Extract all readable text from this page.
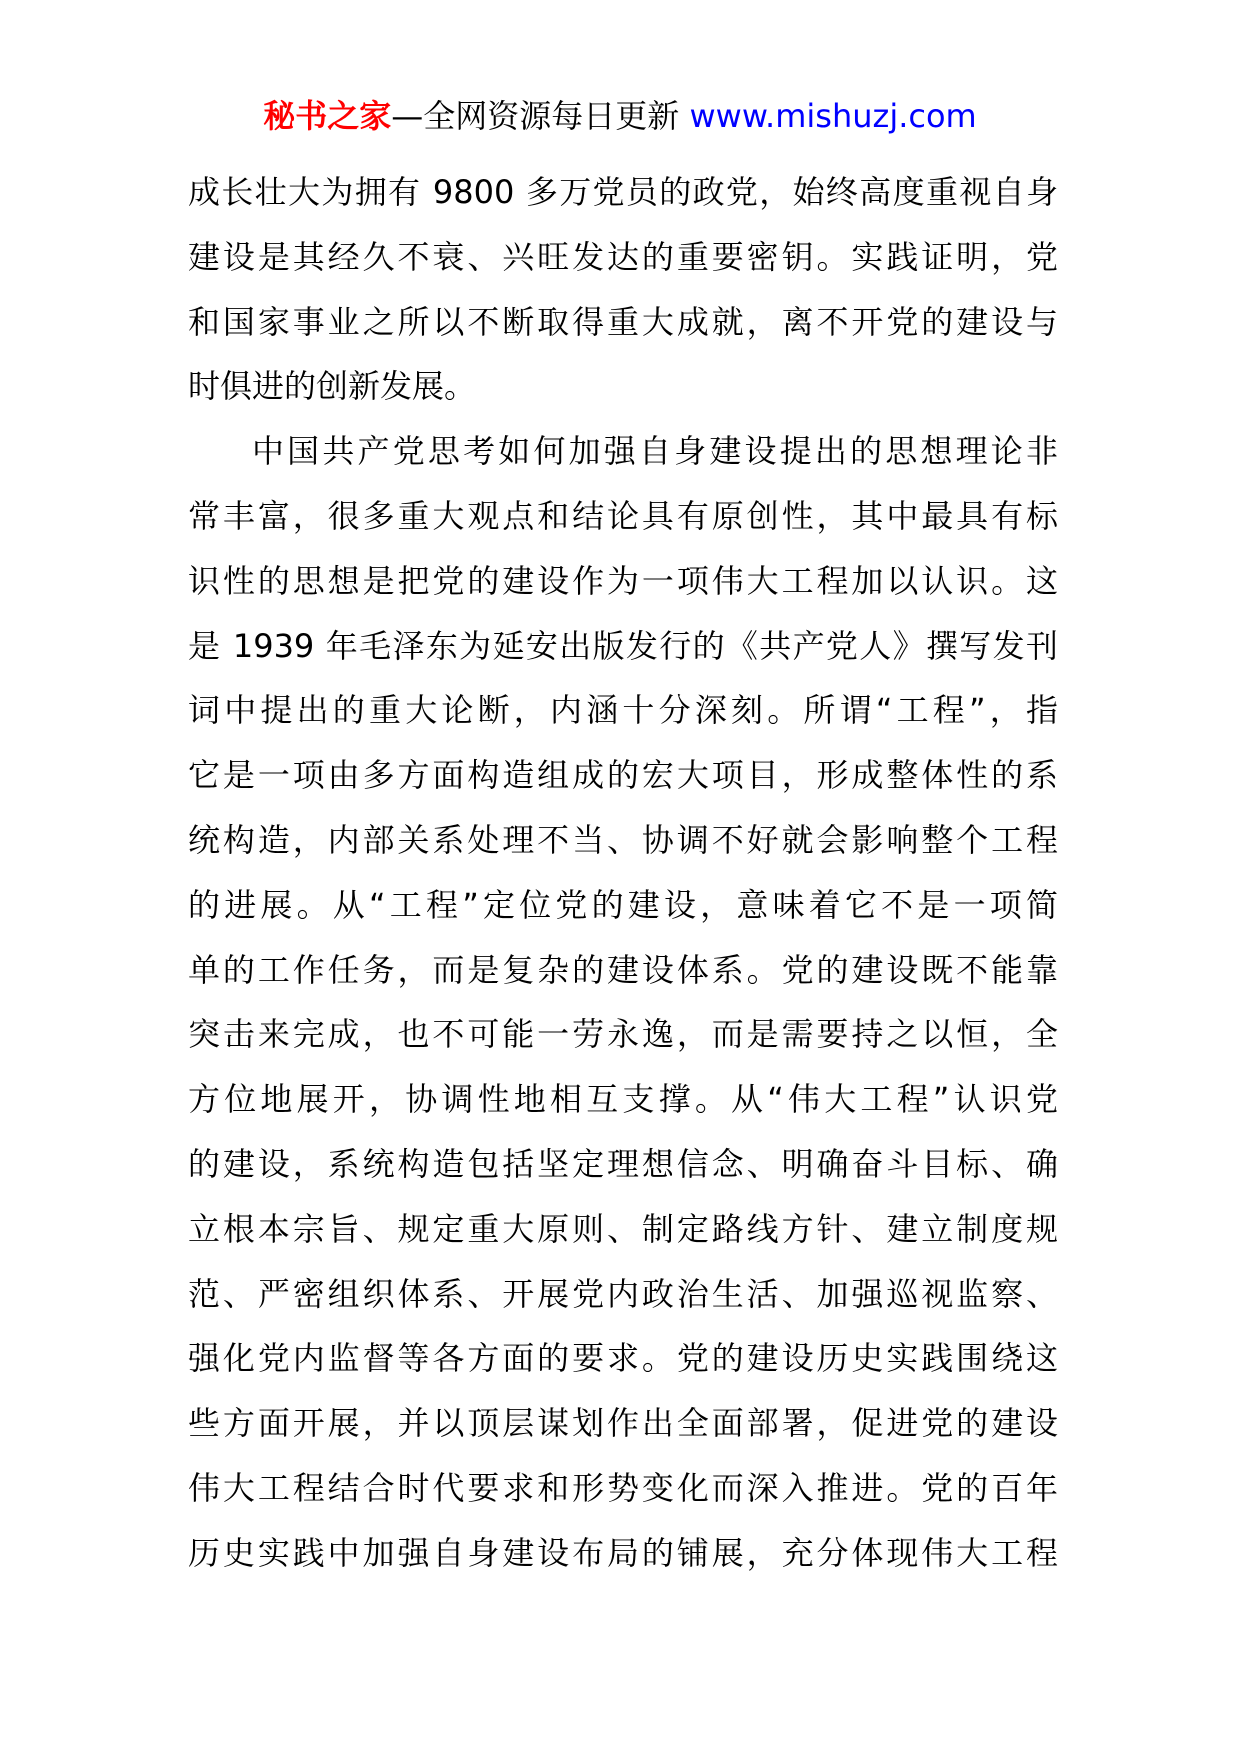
秘书之家—全网资源每日更新 www.mishuzj.com
成长壮大为拥有 9800 多万党员的政党，始终高度重视自身
建设是其经久不衰、兴旺发达的重要密钥。实践证明，党
和国家事业之所以不断取得重大成就，离不开党的建设与
时俱进的创新发展。
中国共产党思考如何加强自身建设提出的思想理论非
常丰富，很多重大观点和结论具有原创性，其中最具有标
识性的思想是把党的建设作为一项伟大工程加以认识。这
是 1939 年毛泽东为延安出版发行的《共产党人》撰写发刊
词中提出的重大论断，内涵十分深刻。所谓“工程”，指
它是一项由多方面构造组成的宏大项目，形成整体性的系
统构造，内部关系处理不当、协调不好就会影响整个工程
的进展。从“工程”定位党的建设，意味着它不是一项简
单的工作任务，而是复杂的建设体系。党的建设既不能靠
突击来完成，也不可能一劳永逸，而是需要持之以恒，全
方位地展开，协调性地相互支撑。从“伟大工程”认识党
的建设，系统构造包括坚定理想信念、明确奋斗目标、确
立根本宗旨、规定重大原则、制定路线方针、建立制度规
范、严密组织体系、开展党内政治生活、加强巡视监察、
强化党内监督等各方面的要求。党的建设历史实践围绕这
些方面开展，并以顶层谋划作出全面部署，促进党的建设
伟大工程结合时代要求和形势变化而深入推进。党的百年
历史实践中加强自身建设布局的铺展，充分体现伟大工程
